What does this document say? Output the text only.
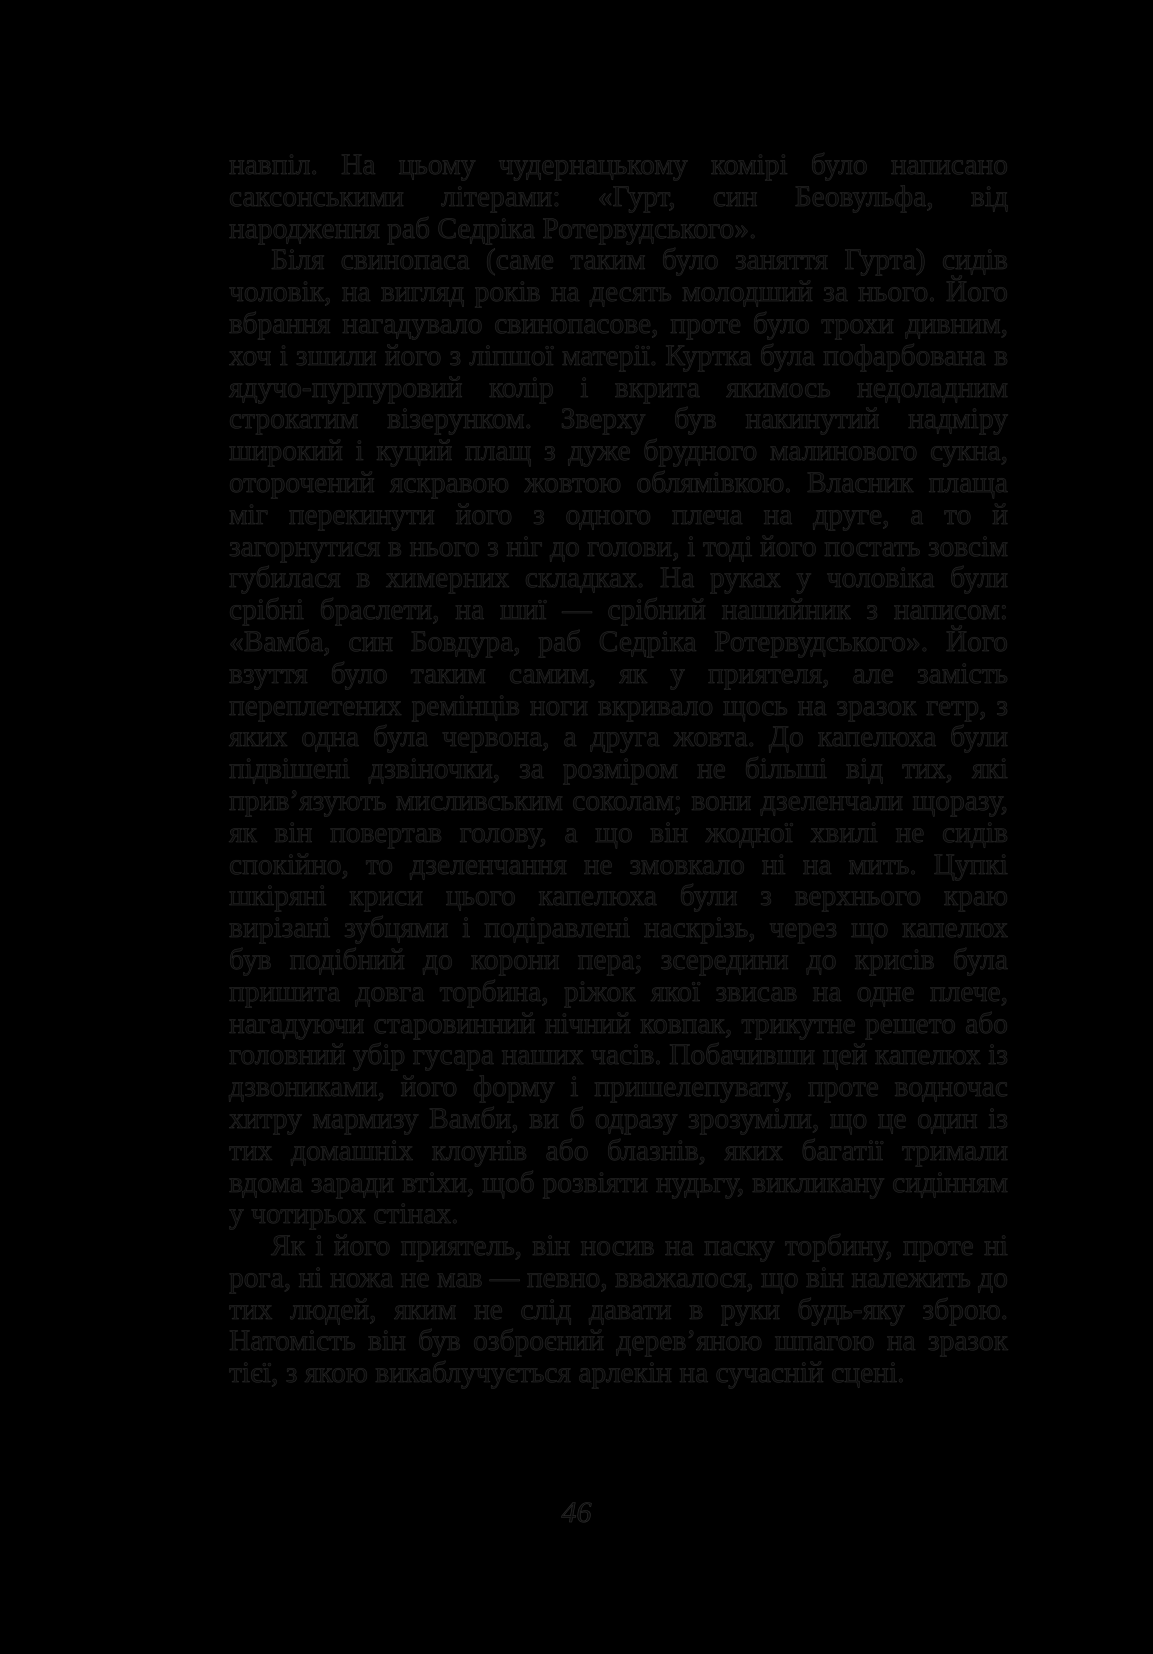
навпіл. На цьому чудернацькому комірі було написано саксонськими літерами: «Гурт, син Беовульфа, від народження раб Седріка Ротервудського».

Біля свинопаса (саме таким було заняття Гурта) сидів чоловік, на вигляд років на десять молодший за нього. Його вбрання нагадувало свинопасове, проте було трохи дивним, хоч і зшили його з ліпшої матерії. Куртка була пофарбована в ядучо-пурпуровий колір і вкрита якимось недоладним строкатим візерунком. Зверху був накинутий надміру широкий і куций плащ з дуже брудного малинового сукна, оторочений яскравою жовтою облямівкою. Власник плаща міг перекинути його з одного плеча на друге, а то й загорнутися в нього з ніг до голови, і тоді його постать зовсім губилася в химерних складках. На руках у чоловіка були срібні браслети, на шиї — срібний нашийник з написом: «Вамба, син Бовдура, раб Седріка Ротервудського». Його взуття було таким самим, як у приятеля, але замість переплетених ремінців ноги вкривало щось на зразок гетр, з яких одна була червона, а друга жовта. До капелюха були підвішені дзвіночки, за розміром не більші від тих, які прив’язують мисливським соколам; вони дзеленчали щоразу, як він повертав голову, а що він жодної хвилі не сидів спокійно, то дзеленчання не змовкало ні на мить. Цупкі шкіряні криси цього капелюха були з верхнього краю вирізані зубцями і подіравлені наскрізь, через що капелюх був подібний до корони пера; зсередини до крисів була пришита довга торбина, ріжок якої звисав на одне плече, нагадуючи старовинний нічний ковпак, трикутне решето або головний убір гусара наших часів. Побачивши цей капелюх із дзвониками, його форму і пришелепувату, проте водночас хитру мармизу Вамби, ви б одразу зрозуміли, що це один із тих домашніх клоунів або блазнів, яких багатії тримали вдома заради втіхи, щоб розвіяти нудьгу, викликану сидінням у чотирьох стінах.

Як і його приятель, він носив на паску торбину, проте ні рога, ні ножа не мав — певно, вважалося, що він належить до тих людей, яким не слід давати в руки будь-яку зброю. Натомість він був озброєний дерев’яною шпагою на зразок тієї, з якою викаблучується арлекін на сучасній сцені.

46
